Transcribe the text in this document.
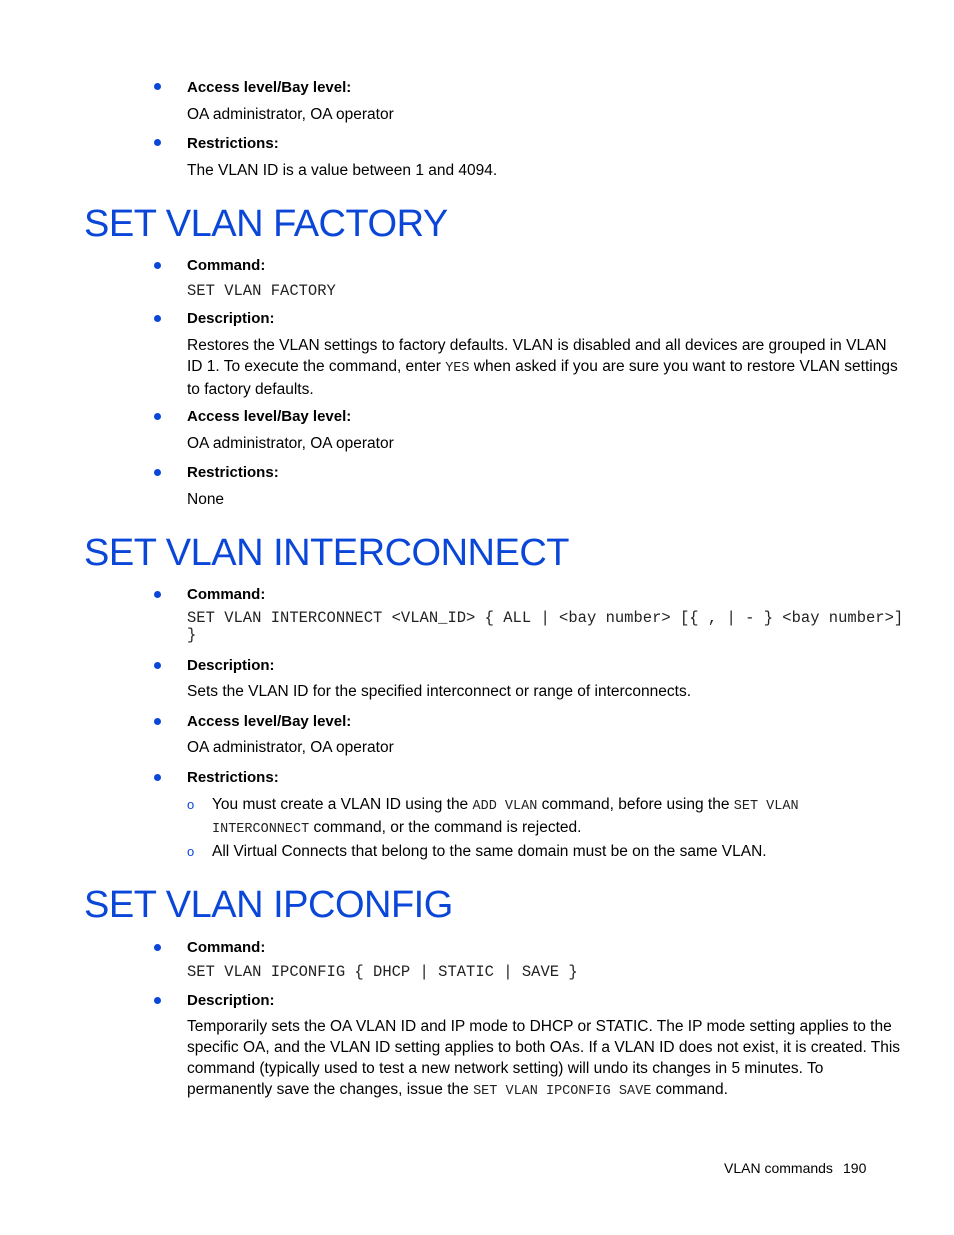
Access level/Bay level:
OA administrator, OA operator
Restrictions:
The VLAN ID is a value between 1 and 4094.
SET VLAN FACTORY
Command:
SET VLAN FACTORY
Description:
Restores the VLAN settings to factory defaults. VLAN is disabled and all devices are grouped in VLAN
ID 1. To execute the command, enter YES when asked if you are sure you want to restore VLAN settings
to factory defaults.
Access level/Bay level:
OA administrator, OA operator
Restrictions:
None
SET VLAN INTERCONNECT
Command:
SET VLAN INTERCONNECT <VLAN_ID> { ALL | <bay number> [{ , | - } <bay number>]
}
Description:
Sets the VLAN ID for the specified interconnect or range of interconnects.
Access level/Bay level:
OA administrator, OA operator
Restrictions:
o You must create a VLAN ID using the ADD VLAN command, before using the SET VLAN
INTERCONNECT command, or the command is rejected.
o All Virtual Connects that belong to the same domain must be on the same VLAN.
SET VLAN IPCONFIG
Command:
SET VLAN IPCONFIG { DHCP | STATIC | SAVE }
Description:
Temporarily sets the OA VLAN ID and IP mode to DHCP or STATIC. The IP mode setting applies to the
specific OA, and the VLAN ID setting applies to both OAs. If a VLAN ID does not exist, it is created. This
command (typically used to test a new network setting) will undo its changes in 5 minutes. To
permanently save the changes, issue the SET VLAN IPCONFIG SAVE command.
VLAN commands 190
